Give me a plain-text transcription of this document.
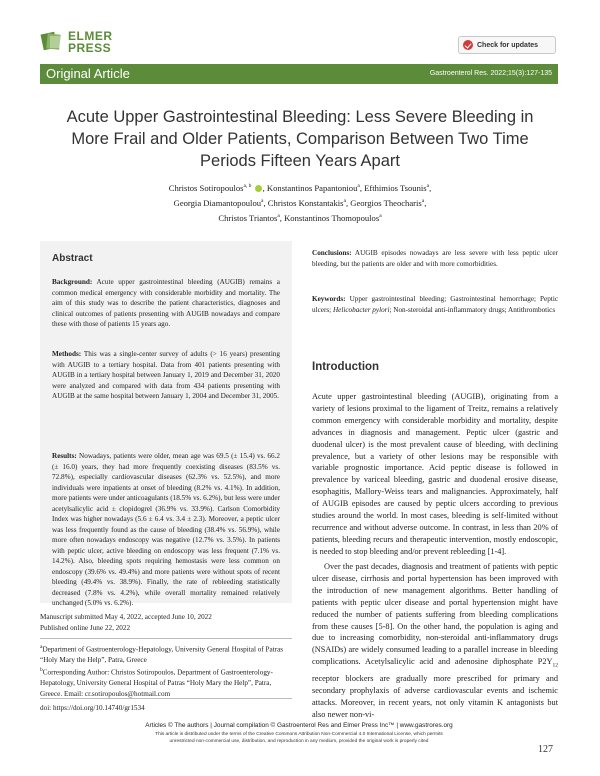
ELMER
PRESS	Check for updates
Original Article	Gastroenterol Res. 2022;15(3):127-135
Acute Upper Gastrointestinal Bleeding: Less Severe Bleeding in More Frail and Older Patients, Comparison Between Two Time Periods Fifteen Years Apart
Christos Sotiropoulos$^{a, b}$ , Konstantinos Papantoniou$^a$, Efthimios Tsounis$^a$,
Georgia Diamantopoulou$^a$, Christos Konstantakis$^a$, Georgios Theocharis$^a$,
Christos Triantos$^a$, Konstantinos Thomopoulos$^a$
Abstract
Background: Acute upper gastrointestinal bleeding (AUGIB) remains a common medical emergency with considerable morbidity and mortality. The aim of this study was to describe the patient characteristics, diagnoses and clinical outcomes of patients presenting with AUGIB nowadays and compare these with those of patients 15 years ago.
Methods: This was a single-center survey of adults (> 16 years) presenting with AUGIB to a tertiary hospital. Data from 401 patients presenting with AUGIB in a tertiary hospital between January 1, 2019 and December 31, 2020 were analyzed and compared with data from 434 patients presenting with AUGIB at the same hospital between January 1, 2004 and December 31, 2005.
Results: Nowadays, patients were older, mean age was 69.5 (± 15.4) vs. 66.2 (± 16.0) years, they had more frequently coexisting diseases (83.5% vs. 72.8%), especially cardiovascular diseases (62.3% vs. 52.5%), and more individuals were inpatients at onset of bleeding (8.2% vs. 4.1%). In addition, more patients were under anticoagulants (18.5% vs. 6.2%), but less were under acetylsalicylic acid ± clopidogrel (36.9% vs. 33.9%). Carlson Comorbidity Index was higher nowadays (5.6 ± 6.4 vs. 3.4 ± 2.3). Moreover, a peptic ulcer was less frequently found as the cause of bleeding (38.4% vs. 56.9%), while more often nowadays endoscopy was negative (12.7% vs. 3.5%). In patients with peptic ulcer, active bleeding on endoscopy was less frequent (7.1% vs. 14.2%). Also, bleeding spots requiring hemostasis were less common on endoscopy (39.6% vs. 49.4%) and more patients were without spots of recent bleeding (49.4% vs. 38.9%). Finally, the rate of rebleeding statistically decreased (7.8% vs. 4.2%), while overall mortality remained relatively unchanged (5.0% vs. 6.2%).
Manuscript submitted May 4, 2022, accepted June 10, 2022
Published online June 22, 2022
$^a$Department of Gastroenterology-Hepatology, University General Hospital of Patras “Holy Mary the Help”, Patra, Greece
$^b$Corresponding Author: Christos Sotiropoulos, Department of Gastroenterology-Hepatology, University General Hospital of Patras “Holy Mary the Help”, Patra, Greece. Email: cr.sotiropoulos@hotmail.com
doi: https://doi.org/10.14740/gr1534
Conclusions: AUGIB episodes nowadays are less severe with less peptic ulcer bleeding, but the patients are older and with more comorbidities.
Keywords: Upper gastrointestinal bleeding; Gastrointestinal hemorrhage; Peptic ulcers; Helicobacter pylori; Non-steroidal anti-inflammatory drugs; Antithrombotics
Introduction
Acute upper gastrointestinal bleeding (AUGIB), originating from a variety of lesions proximal to the ligament of Treitz, remains a relatively common emergency with considerable morbidity and mortality, despite advances in diagnosis and management. Peptic ulcer (gastric and duodenal ulcer) is the most prevalent cause of bleeding, with declining prevalence, but a variety of other lesions may be responsible with variable prognostic importance. Acid peptic disease is followed in prevalence by variceal bleeding, gastric and duodenal erosive disease, esophagitis, Mallory-Weiss tears and malignancies. Approximately, half of AUGIB episodes are caused by peptic ulcers according to previous studies around the world. In most cases, bleeding is self-limited without recurrence and without adverse outcome. In contrast, in less than 20% of patients, bleeding recurs and therapeutic intervention, mostly endoscopic, is needed to stop bleeding and/or prevent rebleeding [1-4].
Over the past decades, diagnosis and treatment of patients with peptic ulcer disease, cirrhosis and portal hypertension has been improved with the introduction of new management algorithms. Better handling of patients with peptic ulcer disease and portal hypertension might have reduced the number of patients suffering from bleeding complications from these causes [5-8]. On the other hand, the population is aging and due to increasing comorbidity, non-steroidal anti-inflammatory drugs (NSAIDs) are widely consumed leading to a parallel increase in bleeding complications. Acetylsalicylic acid and adenosine diphosphate $P2Y_{12}$ receptor blockers are gradually more prescribed for primary and secondary prophylaxis of adverse cardiovascular events and ischemic attacks. Moreover, in recent years, not only vitamin K antagonists but also newer non-vi-
Articles © The authors | Journal compilation © Gastroenterol Res and Elmer Press Inc™ | www.gastrores.org
This article is distributed under the terms of the Creative Commons Attribution Non-Commercial 4.0 International License, which permits
unrestricted non-commercial use, distribution, and reproduction in any medium, provided the original work is properly cited
127
